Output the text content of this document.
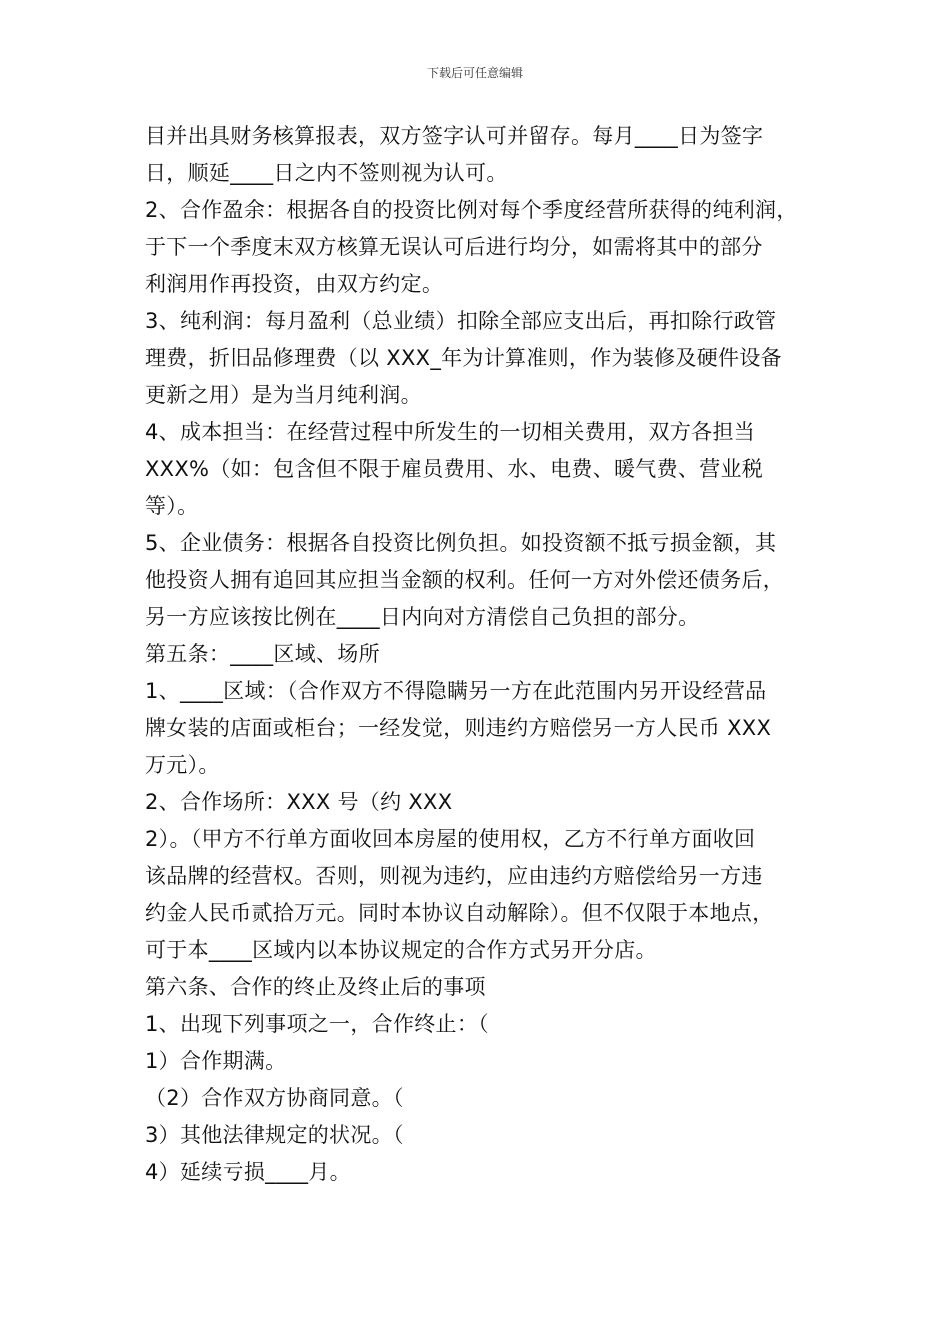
下载后可任意编辑
目并出具财务核算报表，双方签字认可并留存。每月____日为签字
日，顺延____日之内不签则视为认可。
2、合作盈余：根据各自的投资比例对每个季度经营所获得的纯利润，
于下一个季度末双方核算无误认可后进行均分，如需将其中的部分
利润用作再投资，由双方约定。
3、纯利润：每月盈利（总业绩）扣除全部应支出后，再扣除行政管
理费，折旧品修理费（以 XXX_年为计算准则，作为装修及硬件设备
更新之用）是为当月纯利润。
4、成本担当：在经营过程中所发生的一切相关费用，双方各担当
XXX%（如：包含但不限于雇员费用、水、电费、暖气费、营业税
等）。
5、企业债务：根据各自投资比例负担。如投资额不抵亏损金额，其
他投资人拥有追回其应担当金额的权利。任何一方对外偿还债务后，
另一方应该按比例在____日内向对方清偿自己负担的部分。
第五条：____区域、场所
1、____区域：（合作双方不得隐瞒另一方在此范围内另开设经营品
牌女装的店面或柜台；一经发觉，则违约方赔偿另一方人民币 XXX
万元）。
2、合作场所：XXX 号（约 XXX
2）。（甲方不行单方面收回本房屋的使用权，乙方不行单方面收回
该品牌的经营权。否则，则视为违约，应由违约方赔偿给另一方违
约金人民币贰拾万元。同时本协议自动解除）。但不仅限于本地点，
可于本____区域内以本协议规定的合作方式另开分店。
第六条、合作的终止及终止后的事项
1、出现下列事项之一，合作终止：（
1）合作期满。
（2）合作双方协商同意。（
3）其他法律规定的状况。（
4）延续亏损____月。
